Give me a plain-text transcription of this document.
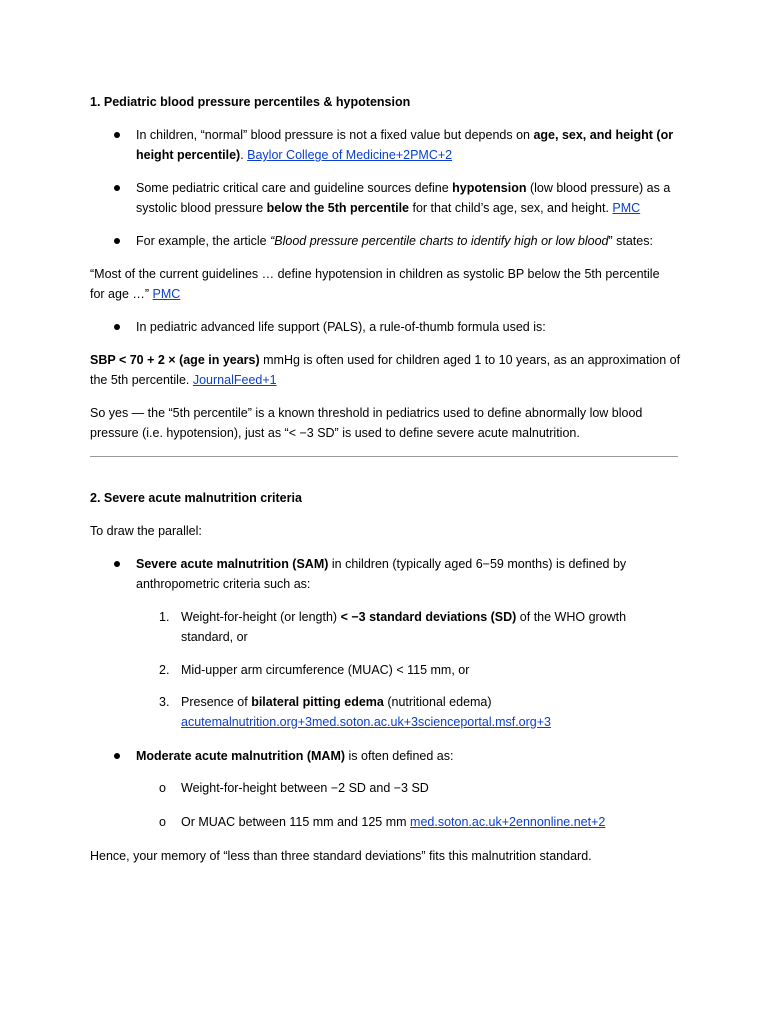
1. Pediatric blood pressure percentiles & hypotension
In children, “normal” blood pressure is not a fixed value but depends on age, sex, and height (or
height percentile). Baylor College of Medicine+2PMC+2
Some pediatric critical care and guideline sources define hypotension (low blood pressure) as a
systolic blood pressure below the 5th percentile for that child’s age, sex, and height. PMC
For example, the article “Blood pressure percentile charts to identify high or low blood” states:
“Most of the current guidelines … define hypotension in children as systolic BP below the 5th percentile
for age …” PMC
In pediatric advanced life support (PALS), a rule-of-thumb formula used is:
SBP < 70 + 2 × (age in years) mmHg is often used for children aged 1 to 10 years, as an approximation of
the 5th percentile. JournalFeed+1
So yes — the “5th percentile” is a known threshold in pediatrics used to define abnormally low blood
pressure (i.e. hypotension), just as “< −3 SD” is used to define severe acute malnutrition.
2. Severe acute malnutrition criteria
To draw the parallel:
Severe acute malnutrition (SAM) in children (typically aged 6−59 months) is defined by
anthropometric criteria such as:
1. Weight-for-height (or length) < −3 standard deviations (SD) of the WHO growth
standard, or
2. Mid-upper arm circumference (MUAC) < 115 mm, or
3. Presence of bilateral pitting edema (nutritional edema)
acutemalnutrition.org+3med.soton.ac.uk+3scienceportal.msf.org+3
Moderate acute malnutrition (MAM) is often defined as:
o Weight-for-height between −2 SD and −3 SD
o Or MUAC between 115 mm and 125 mm med.soton.ac.uk+2ennonline.net+2
Hence, your memory of “less than three standard deviations” fits this malnutrition standard.
